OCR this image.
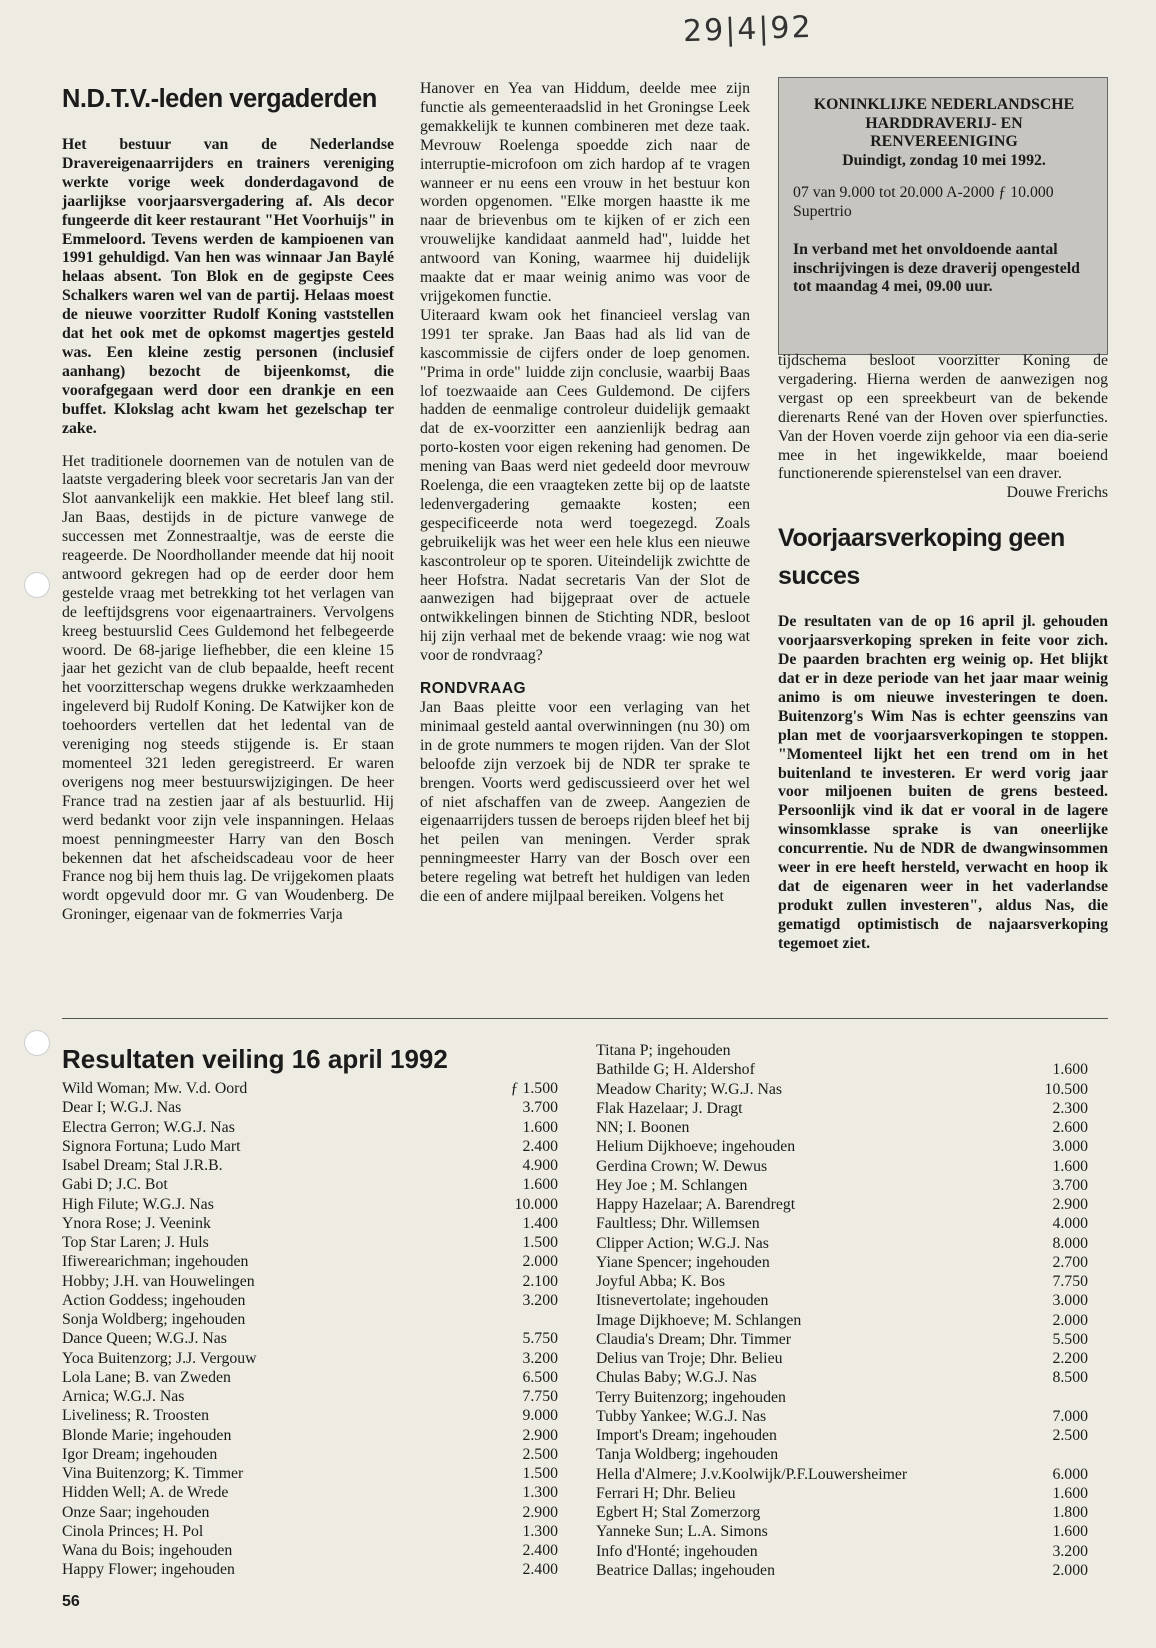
29|4|92
N.D.T.V.-leden vergaderden

Het bestuur van de Nederlandse Dravereigenaarrijders en trainers vereniging werkte vorige week donderdagavond de jaarlijkse voorjaarsvergadering af. Als decor fungeerde dit keer restaurant "Het Voorhuijs" in Emmeloord. Tevens werden de kampioenen van 1991 gehuldigd. Van hen was winnaar Jan Baylé helaas absent. Ton Blok en de gegipste Cees Schalkers waren wel van de partij. Helaas moest de nieuwe voorzitter Rudolf Koning vaststellen dat het ook met de opkomst magertjes gesteld was. Een kleine zestig personen (inclusief aanhang) bezocht de bijeenkomst, die voorafgegaan werd door een drankje en een buffet. Klokslag acht kwam het gezelschap ter zake.

Het traditionele doornemen van de notulen van de laatste vergadering bleek voor secretaris Jan van der Slot aanvankelijk een makkie. Het bleef lang stil. Jan Baas, destijds in de picture vanwege de successen met Zonnestraaltje, was de eerste die reageerde. De Noordhollander meende dat hij nooit antwoord gekregen had op de eerder door hem gestelde vraag met betrekking tot het verlagen van de leeftijdsgrens voor eigenaartrainers. Vervolgens kreeg bestuurslid Cees Guldemond het felbegeerde woord. De 68-jarige liefhebber, die een kleine 15 jaar het gezicht van de club bepaalde, heeft recent het voorzitterschap wegens drukke werkzaamheden ingeleverd bij Rudolf Koning. De Katwijker kon de toehoorders vertellen dat het ledental van de vereniging nog steeds stijgende is. Er staan momenteel 321 leden geregistreerd. Er waren overigens nog meer bestuurswijzigingen. De heer France trad na zestien jaar af als bestuurlid. Hij werd bedankt voor zijn vele inspanningen. Helaas moest penningmeester Harry van den Bosch bekennen dat het afscheidscadeau voor de heer France nog bij hem thuis lag. De vrijgekomen plaats wordt opgevuld door mr. G van Woudenberg. De Groninger, eigenaar van de fokmerries Varja

Hanover en Yea van Hiddum, deelde mee zijn functie als gemeenteraadslid in het Groningse Leek gemakkelijk te kunnen combineren met deze taak. Mevrouw Roelenga spoedde zich naar de interruptie-microfoon om zich hardop af te vragen wanneer er nu eens een vrouw in het bestuur kon worden opgenomen. "Elke morgen haastte ik me naar de brievenbus om te kijken of er zich een vrouwelijke kandidaat aanmeld had", luidde het antwoord van Koning, waarmee hij duidelijk maakte dat er maar weinig animo was voor de vrijgekomen functie.

Uiteraard kwam ook het financieel verslag van 1991 ter sprake. Jan Baas had als lid van de kascommissie de cijfers onder de loep genomen. "Prima in orde" luidde zijn conclusie, waarbij Baas lof toezwaaide aan Cees Guldemond. De cijfers hadden de eenmalige controleur duidelijk gemaakt dat de ex-voorzitter een aanzienlijk bedrag aan porto-kosten voor eigen rekening had genomen. De mening van Baas werd niet gedeeld door mevrouw Roelenga, die een vraagteken zette bij op de laatste ledenvergadering gemaakte kosten; een gespecificeerde nota werd toegezegd. Zoals gebruikelijk was het weer een hele klus een nieuwe kascontroleur op te sporen. Uiteindelijk zwichtte de heer Hofstra. Nadat secretaris Van der Slot de aanwezigen had bijgepraat over de actuele ontwikkelingen binnen de Stichting NDR, besloot hij zijn verhaal met de bekende vraag: wie nog wat voor de rondvraag?

RONDVRAAG

Jan Baas pleitte voor een verlaging van het minimaal gesteld aantal overwinningen (nu 30) om in de grote nummers te mogen rijden. Van der Slot beloofde zijn verzoek bij de NDR ter sprake te brengen. Voorts werd gediscussieerd over het wel of niet afschaffen van de zweep. Aangezien de eigenaarrijders tussen de beroeps rijden bleef het bij het peilen van meningen. Verder sprak penningmeester Harry van der Bosch over een betere regeling wat betreft het huldigen van leden die een of andere mijlpaal bereiken. Volgens het

KONINKLIJKE NEDERLANDSCHE HARDDRAVERIJ- EN RENVEREENIGING
Duindigt, zondag 10 mei 1992.
07 van 9.000 tot 20.000 A-2000 ƒ 10.000
Supertrio
In verband met het onvoldoende aantal inschrijvingen is deze draverij opengesteld tot maandag 4 mei, 09.00 uur.

tijdschema besloot voorzitter Koning de vergadering. Hierna werden de aanwezigen nog vergast op een spreekbeurt van de bekende dierenarts René van der Hoven over spierfuncties. Van der Hoven voerde zijn gehoor via een dia-serie mee in het ingewikkelde, maar boeiend functionerende spierenstelsel van een draver.

Douwe Frerichs

Voorjaarsverkoping geen succes

De resultaten van de op 16 april jl. gehouden voorjaarsverkoping spreken in feite voor zich. De paarden brachten erg weinig op. Het blijkt dat er in deze periode van het jaar maar weinig animo is om nieuwe investeringen te doen. Buitenzorg's Wim Nas is echter geenszins van plan met de voorjaarsverkopingen te stoppen. "Momenteel lijkt het een trend om in het buitenland te investeren. Er werd vorig jaar voor miljoenen buiten de grens besteed. Persoonlijk vind ik dat er vooral in de lagere winsomklasse sprake is van oneerlijke concurrentie. Nu de NDR de dwangwinsommen weer in ere heeft hersteld, verwacht en hoop ik dat de eigenaren weer in het vaderlandse produkt zullen investeren", aldus Nas, die gematigd optimistisch de najaarsverkoping tegemoet ziet.

Resultaten veiling 16 april 1992
Wild Woman; Mw. V.d. Oord	ƒ 1.500
Dear I; W.G.J. Nas	3.700
Electra Gerron; W.G.J. Nas	1.600
Signora Fortuna; Ludo Mart	2.400
Isabel Dream; Stal J.R.B.	4.900
Gabi D; J.C. Bot	1.600
High Filute; W.G.J. Nas	10.000
Ynora Rose; J. Veenink	1.400
Top Star Laren; J. Huls	1.500
Ifiwerearichman; ingehouden	2.000
Hobby; J.H. van Houwelingen	2.100
Action Goddess; ingehouden	3.200
Sonja Woldberg; ingehouden
Dance Queen; W.G.J. Nas	5.750
Yoca Buitenzorg; J.J. Vergouw	3.200
Lola Lane; B. van Zweden	6.500
Arnica; W.G.J. Nas	7.750
Liveliness; R. Troosten	9.000
Blonde Marie; ingehouden	2.900
Igor Dream; ingehouden	2.500
Vina Buitenzorg; K. Timmer	1.500
Hidden Well; A. de Wrede	1.300
Onze Saar; ingehouden	2.900
Cinola Princes; H. Pol	1.300
Wana du Bois; ingehouden	2.400
Happy Flower; ingehouden	2.400
Titana P; ingehouden
Bathilde G; H. Aldershof	1.600
Meadow Charity; W.G.J. Nas	10.500
Flak Hazelaar; J. Dragt	2.300
NN; I. Boonen	2.600
Helium Dijkhoeve; ingehouden	3.000
Gerdina Crown; W. Dewus	1.600
Hey Joe ; M. Schlangen	3.700
Happy Hazelaar; A. Barendregt	2.900
Faultless; Dhr. Willemsen	4.000
Clipper Action; W.G.J. Nas	8.000
Yiane Spencer; ingehouden	2.700
Joyful Abba; K. Bos	7.750
Itisnevertolate; ingehouden	3.000
Image Dijkhoeve; M. Schlangen	2.000
Claudia's Dream; Dhr. Timmer	5.500
Delius van Troje; Dhr. Belieu	2.200
Chulas Baby; W.G.J. Nas	8.500
Terry Buitenzorg; ingehouden
Tubby Yankee; W.G.J. Nas	7.000
Import's Dream; ingehouden	2.500
Tanja Woldberg; ingehouden
Hella d'Almere; J.v.Koolwijk/P.F.Louwersheimer	6.000
Ferrari H; Dhr. Belieu	1.600
Egbert H; Stal Zomerzorg	1.800
Yanneke Sun; L.A. Simons	1.600
Info d'Honté; ingehouden	3.200
Beatrice Dallas; ingehouden	2.000
56
